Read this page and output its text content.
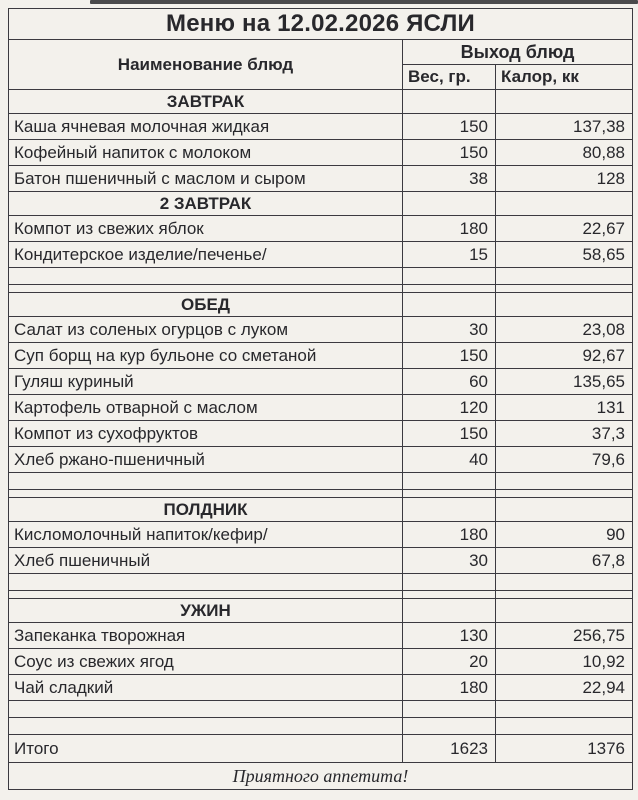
Меню на 12.02.2026 ЯСЛИ		
Наименование блюд	Выход блюд	
	Вес, гр.	Калор, кк
ЗАВТРАК		
Каша ячневая молочная жидкая	150	137,38
Кофейный напиток с молоком	150	80,88
Батон пшеничный с маслом и сыром	38	128
2 ЗАВТРАК		
Компот из свежих яблок	180	22,67
Кондитерское изделие/печенье/	15	58,65

ОБЕД		
Салат из соленых огурцов с луком	30	23,08
Суп борщ на кур бульоне со сметаной	150	92,67
Гуляш куриный	60	135,65
Картофель отварной с маслом	120	131
Компот из сухофруктов	150	37,3
Хлеб ржано-пшеничный	40	79,6

ПОЛДНИК		
Кисломолочный напиток/кефир/	180	90
Хлеб пшеничный	30	67,8

УЖИН		
Запеканка творожная	130	256,75
Соус из свежих ягод	20	10,92
Чай сладкий	180	22,94

Итого	1623	1376
Приятного аппетита!		
